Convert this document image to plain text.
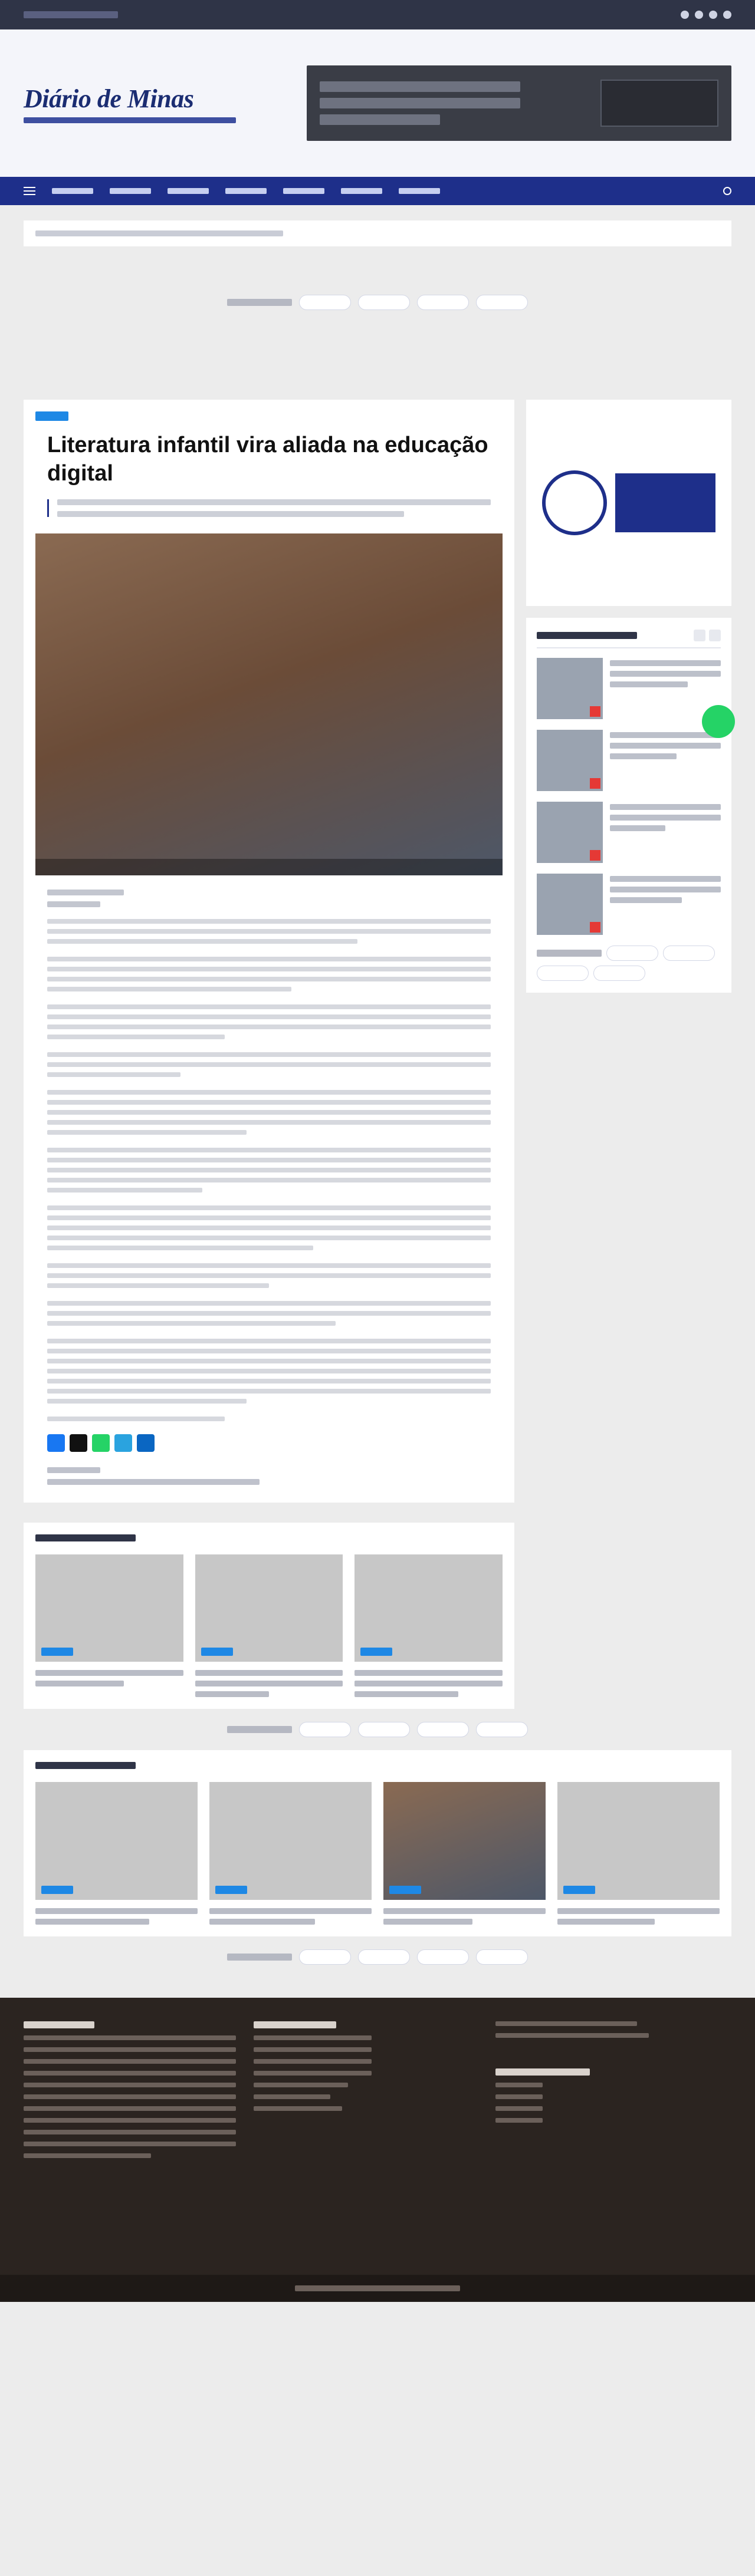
Diário de Minas
Literatura infantil vira aliada na educação digital
